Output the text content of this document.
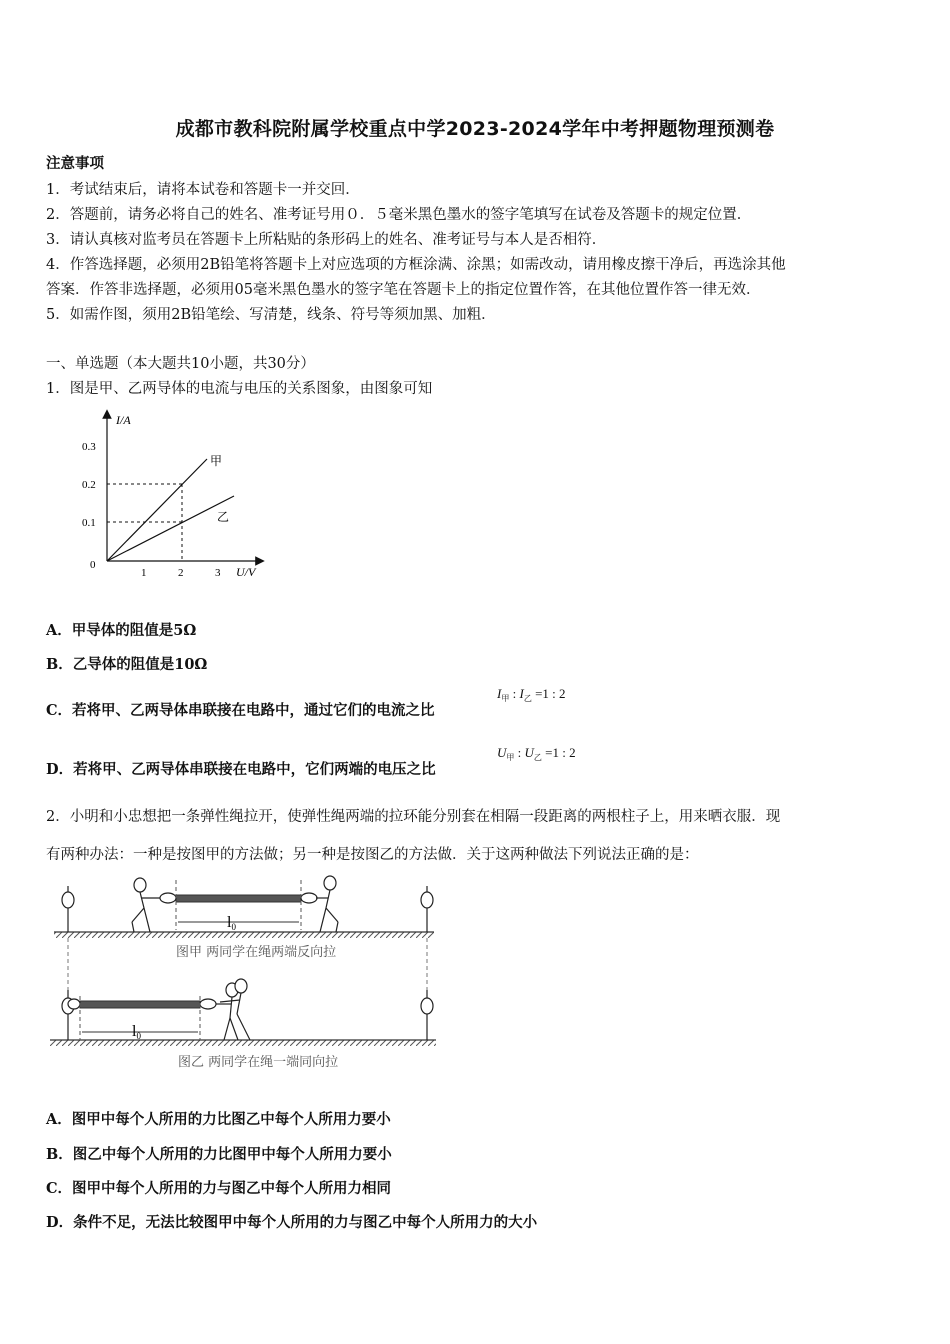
成都市教科院附属学校重点中学2023-2024学年中考押题物理预测卷
注意事项
1．考试结束后，请将本试卷和答题卡一并交回．
2．答题前，请务必将自己的姓名、准考证号用０．５毫米黑色墨水的签字笔填写在试卷及答题卡的规定位置．
3．请认真核对监考员在答题卡上所粘贴的条形码上的姓名、准考证号与本人是否相符．
4．作答选择题，必须用2B铅笔将答题卡上对应选项的方框涂满、涂黑；如需改动，请用橡皮擦干净后，再选涂其他
答案．作答非选择题，必须用05毫米黑色墨水的签字笔在答题卡上的指定位置作答，在其他位置作答一律无效．
5．如需作图，须用2B铅笔绘、写清楚，线条、符号等须加黑、加粗．
一、单选题（本大题共10小题，共30分）
1．图是甲、乙两导体的电流与电压的关系图象，由图象可知
I/A
U/V
0
0.3
0.2
0.1
1	2	3
甲
乙
A．甲导体的阻值是5Ω
B．乙导体的阻值是10Ω
C．若将甲、乙两导体串联接在电路中，通过它们的电流之比
$I_甲$ : $I_乙 =1$ : 2
D．若将甲、乙两导体串联接在电路中，它们两端的电压之比
$U_甲$ : $U_乙 =1$ : 2
2．小明和小忠想把一条弹性绳拉开，使弹性绳两端的拉环能分别套在相隔一段距离的两根柱子上，用来晒衣服．现
有两种办法：一种是按图甲的方法做；另一种是按图乙的方法做．关于这两种做法下列说法正确的是：
l0
图甲 两同学在绳两端反向拉
l0
图乙 两同学在绳一端同向拉
A．图甲中每个人所用的力比图乙中每个人所用力要小
B．图乙中每个人所用的力比图甲中每个人所用力要小
C．图甲中每个人所用的力与图乙中每个人所用力相同
D．条件不足，无法比较图甲中每个人所用的力与图乙中每个人所用力的大小
